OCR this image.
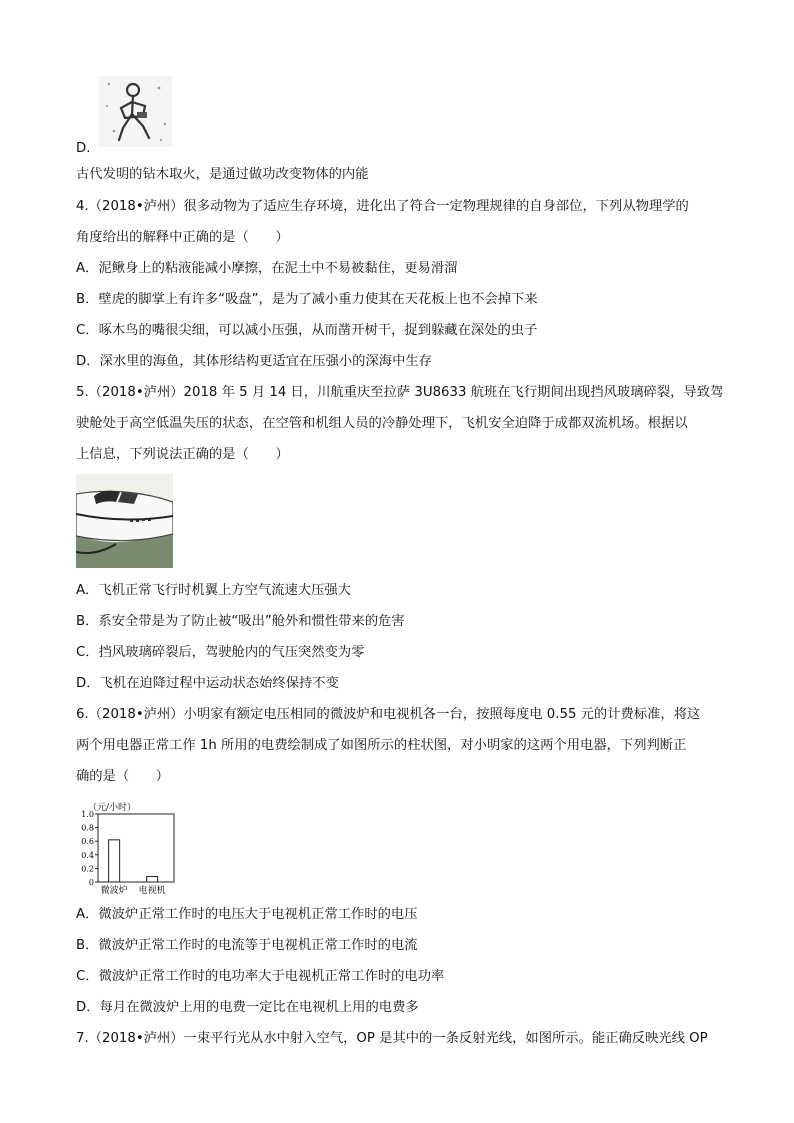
D.
古代发明的钻木取火，是通过做功改变物体的内能
4.（2018•泸州）很多动物为了适应生存环境，进化出了符合一定物理规律的自身部位，下列从物理学的
角度给出的解释中正确的是（　　）
A．泥鳅身上的粘液能减小摩擦，在泥土中不易被黏住，更易滑溜
B．壁虎的脚掌上有许多“吸盘”，是为了减小重力使其在天花板上也不会掉下来
C．啄木鸟的嘴很尖细，可以减小压强，从而凿开树干，捉到躲藏在深处的虫子
D．深水里的海鱼，其体形结构更适宜在压强小的深海中生存
5.（2018•泸州）2018 年 5 月 14 日，川航重庆至拉萨 3U8633 航班在飞行期间出现挡风玻璃碎裂，导致驾
驶舱处于高空低温失压的状态，在空管和机组人员的冷静处理下，飞机安全迫降于成都双流机场。根据以
上信息，下列说法正确的是（　　）
A．飞机正常飞行时机翼上方空气流速大压强大
B．系安全带是为了防止被“吸出”舱外和惯性带来的危害
C．挡风玻璃碎裂后，驾驶舱内的气压突然变为零
D．飞机在迫降过程中运动状态始终保持不变
6.（2018•泸州）小明家有额定电压相同的微波炉和电视机各一台，按照每度电 0.55 元的计费标准，将这
两个用电器正常工作 1h 所用的电费绘制成了如图所示的柱状图，对小明家的这两个用电器，下列判断正
确的是（　　）
（元/小时）
1.0
0.8
0.6
0.4
0.2
0
微波炉 电视机
A．微波炉正常工作时的电压大于电视机正常工作时的电压
B．微波炉正常工作时的电流等于电视机正常工作时的电流
C．微波炉正常工作时的电功率大于电视机正常工作时的电功率
D．每月在微波炉上用的电费一定比在电视机上用的电费多
7.（2018•泸州）一束平行光从水中射入空气，OP 是其中的一条反射光线，如图所示。能正确反映光线 OP
